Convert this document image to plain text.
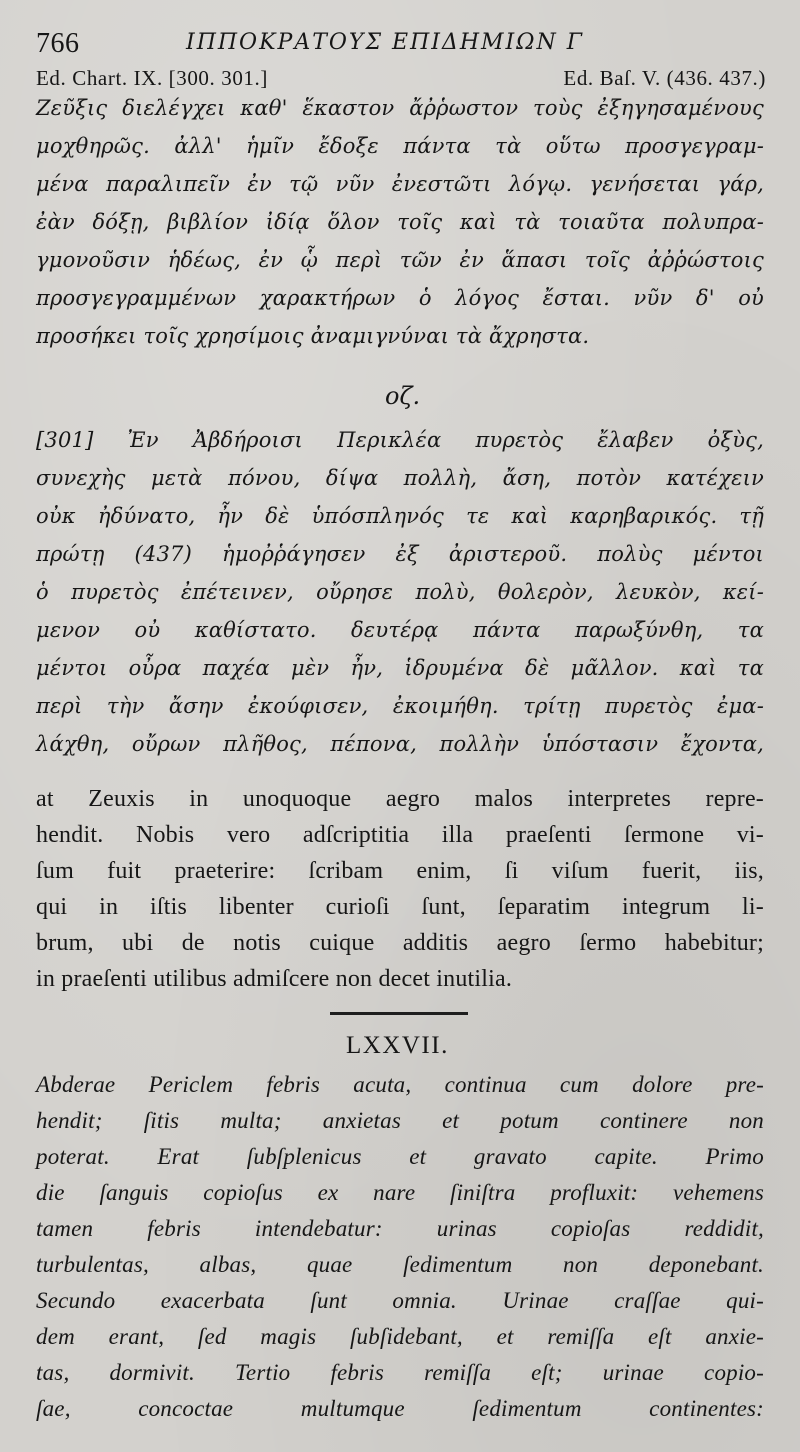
766	ΙΠΠΟΚΡΑΤΟΥΣ ΕΠΙΔΗΜΙΩΝ Γ
Ed. Chart. IX. [300. 301.]	Ed. Baſ. V. (436. 437.)
Ζεῦξις διελέγχει καθ' ἕκαστον ἄῤῥωστον τοὺς ἐξηγησαμένους
μοχθηρῶς. ἀλλ' ἡμῖν ἔδοξε πάντα τὰ οὕτω προσγεγραμ-
μένα παραλιπεῖν ἐν τῷ νῦν ἐνεστῶτι λόγῳ. γενήσεται γάρ,
ἐὰν δόξῃ, βιβλίον ἰδίᾳ ὅλον τοῖς καὶ τὰ τοιαῦτα πολυπρα-
γμονοῦσιν ἡδέως, ἐν ᾧ περὶ τῶν ἐν ἅπασι τοῖς ἀῤῥώστοις
προσγεγραμμένων χαρακτήρων ὁ λόγος ἔσται. νῦν δ' οὐ
προσήκει τοῖς χρησίμοις ἀναμιγνύναι τὰ ἄχρηστα.
οζ.
[301] Ἐν Ἀβδήροισι Περικλέα πυρετὸς ἔλαβεν ὀξὺς,
συνεχὴς μετὰ πόνου, δίψα πολλὴ, ἄση, ποτὸν κατέχειν
οὐκ ἠδύνατο, ἦν δὲ ὑπόσπληνός τε καὶ καρηβαρικός. τῇ
πρώτῃ (437) ἡμοῤῥάγησεν ἐξ ἀριστεροῦ. πολὺς μέντοι
ὁ πυρετὸς ἐπέτεινεν, οὔρησε πολὺ, θολερὸν, λευκὸν, κεί-
μενον οὐ καθίστατο. δευτέρᾳ πάντα παρωξύνθη, τα
μέντοι οὖρα παχέα μὲν ἦν, ἱδρυμένα δὲ μᾶλλον. καὶ τα
περὶ τὴν ἄσην ἐκούφισεν, ἐκοιμήθη. τρίτῃ πυρετὸς ἐμα-
λάχθη, οὔρων πλῆθος, πέπονα, πολλὴν ὑπόστασιν ἔχοντα,
at Zeuxis in unoquoque aegro malos interpretes repre-
hendit. Nobis vero adſcriptitia illa praeſenti ſermone vi-
ſum fuit praeterire: ſcribam enim, ſi viſum fuerit, iis,
qui in iſtis libenter curioſi ſunt, ſeparatim integrum li-
brum, ubi de notis cuique additis aegro ſermo habebitur;
in praeſenti utilibus admiſcere non decet inutilia.
LXXVII.
Abderae Periclem febris acuta, continua cum dolore pre-
hendit; ſitis multa; anxietas et potum continere non
poterat. Erat ſubſplenicus et gravato capite. Primo
die ſanguis copioſus ex nare ſiniſtra profluxit: vehemens
tamen febris intendebatur: urinas copioſas reddidit,
turbulentas, albas, quae ſedimentum non deponebant.
Secundo exacerbata ſunt omnia. Urinae craſſae qui-
dem erant, ſed magis ſubſidebant, et remiſſa eſt anxie-
tas, dormivit. Tertio febris remiſſa eſt; urinae copio-
ſae, concoctae multumque ſedimentum continentes:
